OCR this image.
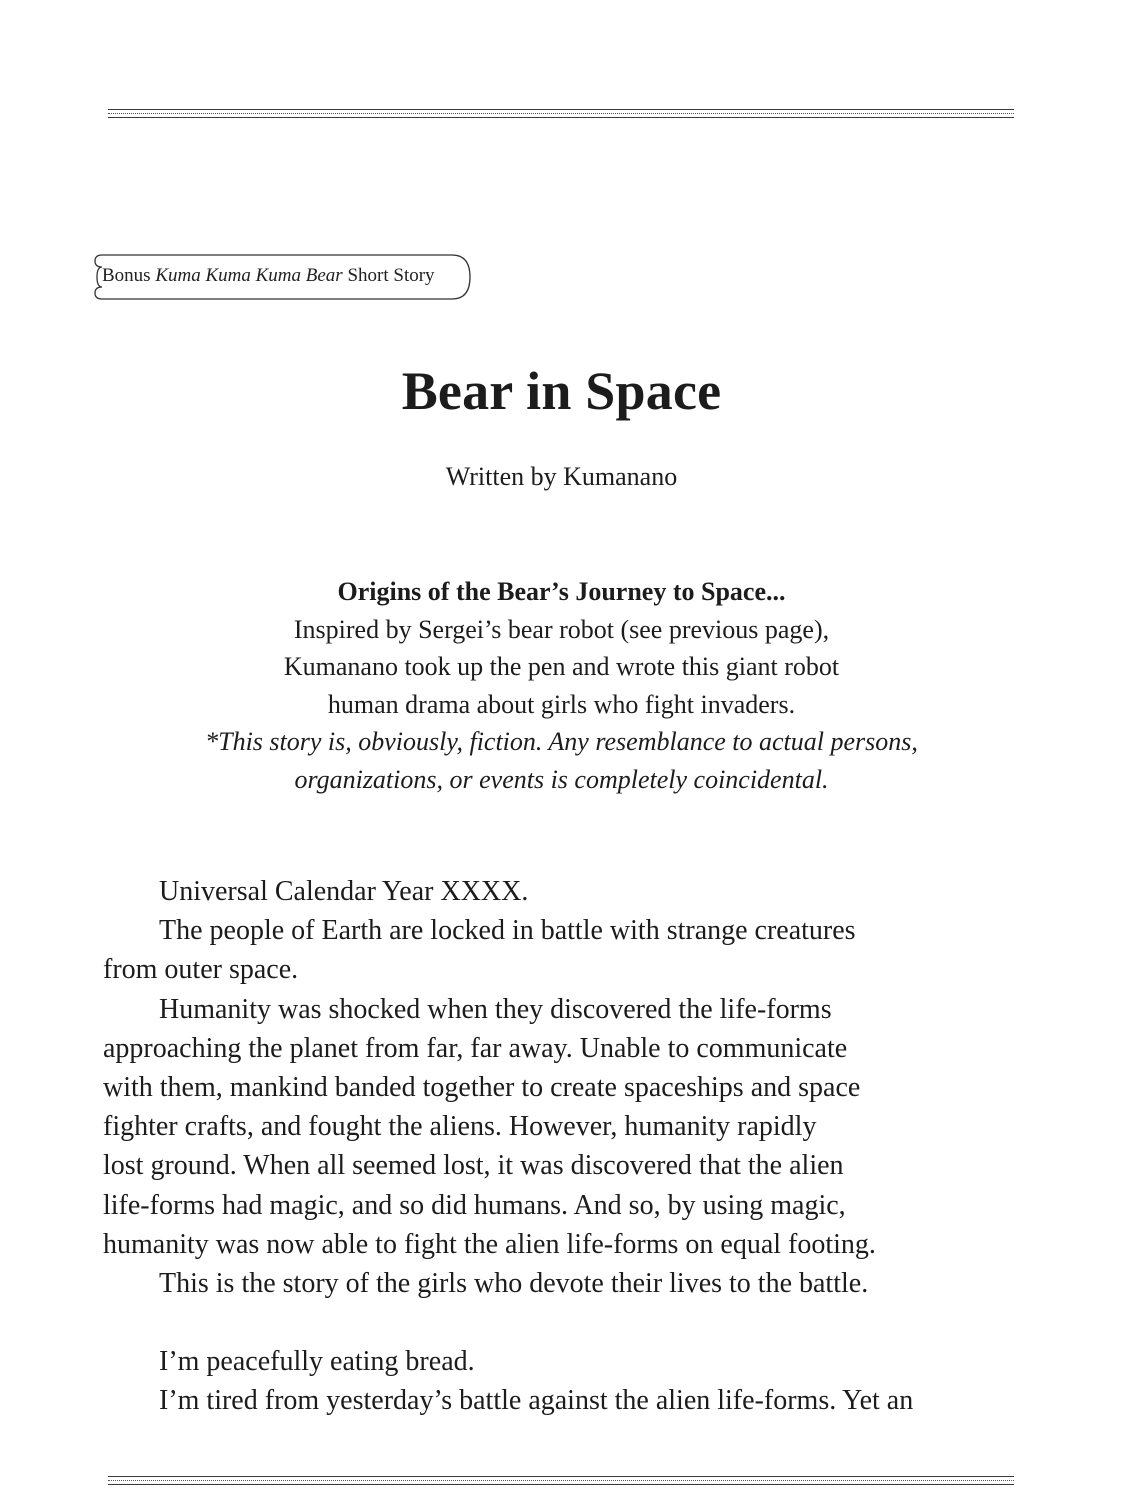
Bonus Kuma Kuma Kuma Bear Short Story
Bear in Space
Written by Kumanano
Origins of the Bear’s Journey to Space...
Inspired by Sergei’s bear robot (see previous page),
Kumanano took up the pen and wrote this giant robot
human drama about girls who fight invaders.
*This story is, obviously, fiction. Any resemblance to actual persons,
organizations, or events is completely coincidental.

Universal Calendar Year XXXX.

The people of Earth are locked in battle with strange creatures
from outer space.

Humanity was shocked when they discovered the life-forms
approaching the planet from far, far away. Unable to communicate
with them, mankind banded together to create spaceships and space
fighter crafts, and fought the aliens. However, humanity rapidly
lost ground. When all seemed lost, it was discovered that the alien
life-forms had magic, and so did humans. And so, by using magic,
humanity was now able to fight the alien life-forms on equal footing.

This is the story of the girls who devote their lives to the battle.

I’m peacefully eating bread.

I’m tired from yesterday’s battle against the alien life-forms. Yet an
